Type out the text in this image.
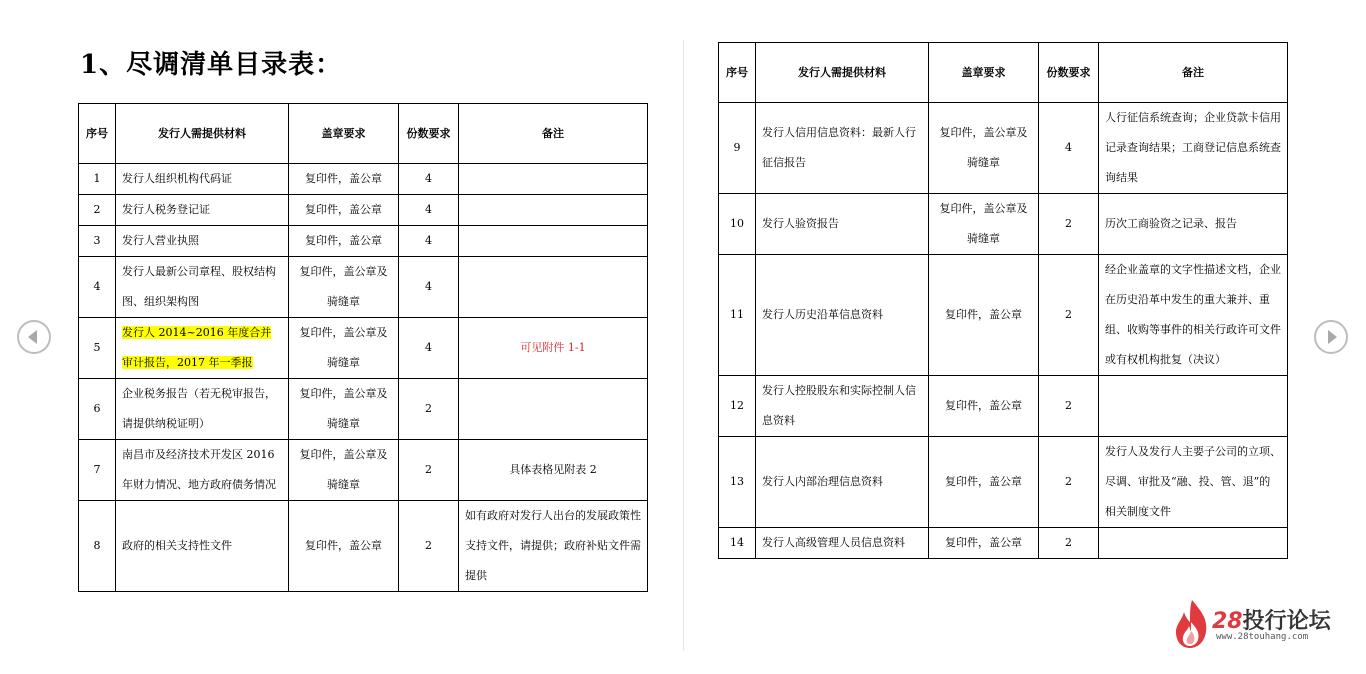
1、尽调清单目录表：
序号	发行人需提供材料	盖章要求	份数要求	备注
1	发行人组织机构代码证	复印件，盖公章	4	
2	发行人税务登记证	复印件，盖公章	4	
3	发行人营业执照	复印件，盖公章	4	
4	发行人最新公司章程、股权结构图、组织架构图	复印件，盖公章及骑缝章	4	
5	发行人 2014~2016 年度合并审计报告，2017 年一季报	复印件，盖公章及骑缝章	4	可见附件 1-1
6	企业税务报告（若无税审报告，请提供纳税证明）	复印件，盖公章及骑缝章	2	
7	南昌市及经济技术开发区 2016 年财力情况、地方政府债务情况	复印件，盖公章及骑缝章	2	具体表格见附表 2
8	政府的相关支持性文件	复印件，盖公章	2	如有政府对发行人出台的发展政策性支持文件，请提供；政府补贴文件需提供
序号	发行人需提供材料	盖章要求	份数要求	备注
9	发行人信用信息资料：最新人行征信报告	复印件，盖公章及骑缝章	4	人行征信系统查询；企业贷款卡信用记录查询结果；工商登记信息系统查询结果
10	发行人验资报告	复印件，盖公章及骑缝章	2	历次工商验资之记录、报告
11	发行人历史沿革信息资料	复印件，盖公章	2	经企业盖章的文字性描述文档，企业在历史沿革中发生的重大兼并、重组、收购等事件的相关行政许可文件或有权机构批复（决议）
12	发行人控股股东和实际控制人信息资料	复印件，盖公章	2	
13	发行人内部治理信息资料	复印件，盖公章	2	发行人及发行人主要子公司的立项、尽调、审批及“融、投、管、退”的相关制度文件
14	发行人高级管理人员信息资料	复印件，盖公章	2	
28投行论坛
www.28touhang.com
